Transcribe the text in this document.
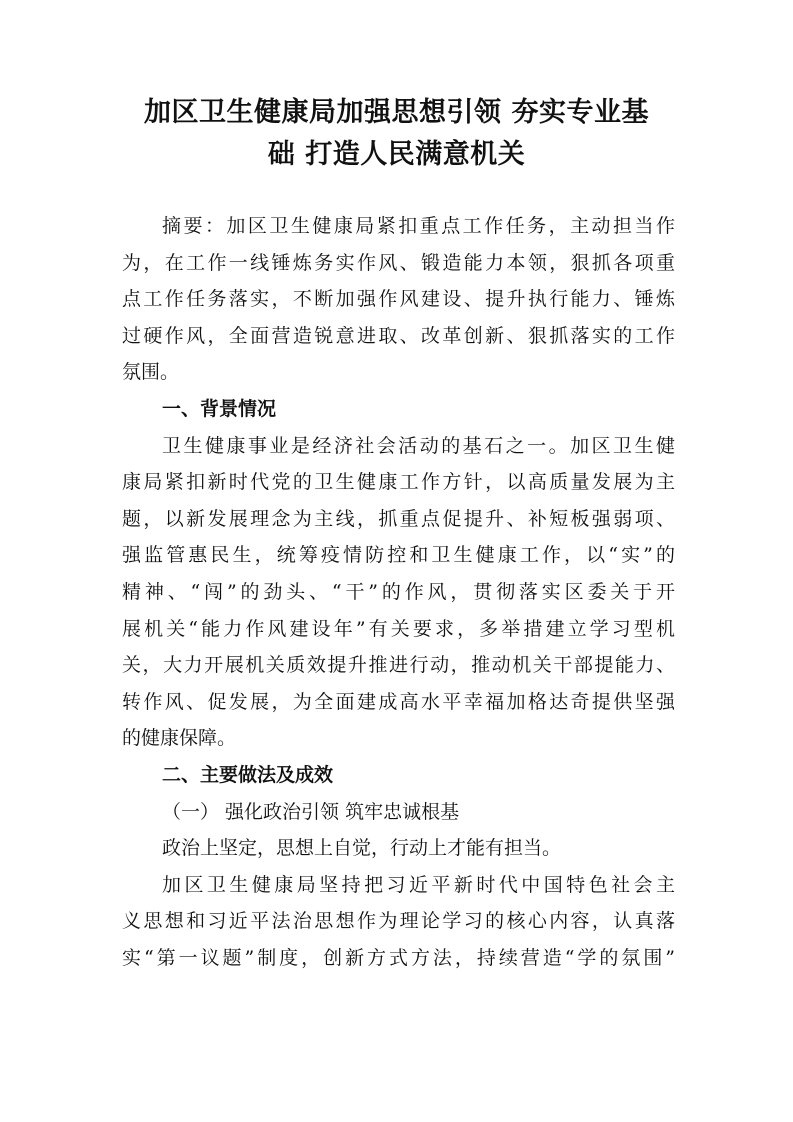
加区卫生健康局加强思想引领 夯实专业基
础 打造人民满意机关
摘要：加区卫生健康局紧扣重点工作任务，主动担当作
为，在工作一线锤炼务实作风、锻造能力本领，狠抓各项重
点工作任务落实，不断加强作风建设、提升执行能力、锤炼
过硬作风，全面营造锐意进取、改革创新、狠抓落实的工作
氛围。
一、背景情况
卫生健康事业是经济社会活动的基石之一。加区卫生健
康局紧扣新时代党的卫生健康工作方针，以高质量发展为主
题，以新发展理念为主线，抓重点促提升、补短板强弱项、
强监管惠民生，统筹疫情防控和卫生健康工作，以“实”的
精神、“闯”的劲头、“干”的作风，贯彻落实区委关于开
展机关“能力作风建设年”有关要求，多举措建立学习型机
关，大力开展机关质效提升推进行动，推动机关干部提能力、
转作风、促发展，为全面建成高水平幸福加格达奇提供坚强
的健康保障。
二、主要做法及成效
（一） 强化政治引领 筑牢忠诚根基
政治上坚定，思想上自觉，行动上才能有担当。
加区卫生健康局坚持把习近平新时代中国特色社会主
义思想和习近平法治思想作为理论学习的核心内容，认真落
实“第一议题”制度，创新方式方法，持续营造“学的氛围”
